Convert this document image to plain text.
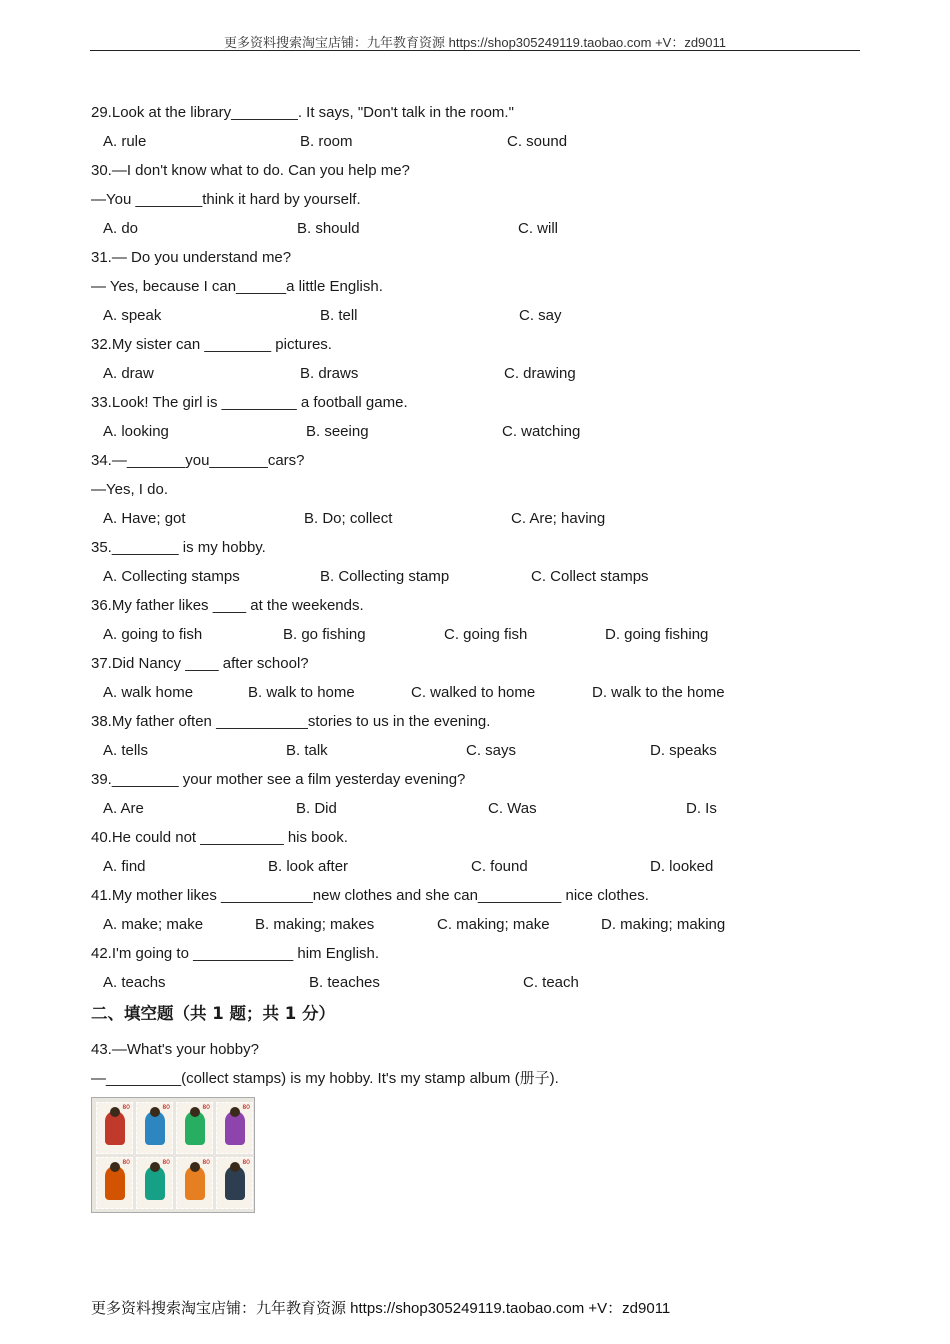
更多资料搜索淘宝店铺：九年教育资源 https://shop305249119.taobao.com +V：zd9011
29.Look at the library________. It says, "Don't talk in the room."
A. rule	B. room	C. sound
30.—I don't know what to do. Can you help me?
—You ________think it hard by yourself.
A. do	B. should	C. will
31.— Do you understand me?
— Yes, because I can______a little English.
A. speak	B. tell	C. say
32.My sister can ________ pictures.
A. draw	B. draws	C. drawing
33.Look! The girl is _________ a football game.
A. looking	B. seeing	C. watching
34.—_______you_______cars?
—Yes, I do.
A. Have; got	B. Do; collect	C. Are; having
35.________ is my hobby.
A. Collecting stamps	B. Collecting stamp	C. Collect stamps
36.My father likes ____ at the weekends.
A. going to fish	B. go fishing	C. going fish	D. going fishing
37.Did Nancy ____ after school?
A. walk home	B. walk to home	C. walked to home	D. walk to the home
38.My father often ___________stories to us in the evening.
A. tells	B. talk	C. says	D. speaks
39.________ your mother see a film yesterday evening?
A. Are	B. Did	C. Was	D. Is
40.He could not __________ his book.
A. find	B. look after	C. found	D. looked
41.My mother likes ___________new clothes and she can__________ nice clothes.
A. make; make	B. making; makes	C. making; make	D. making; making
42.I'm going to ____________ him English.
A. teachs	B. teaches	C. teach
二、填空题（共 1 题；共 1 分）
43.—What's your hobby?
—_________(collect stamps) is my hobby. It's my stamp album (册子).
80	80	80	80
80	80	80	80
更多资料搜索淘宝店铺：九年教育资源 https://shop305249119.taobao.com +V：zd9011
